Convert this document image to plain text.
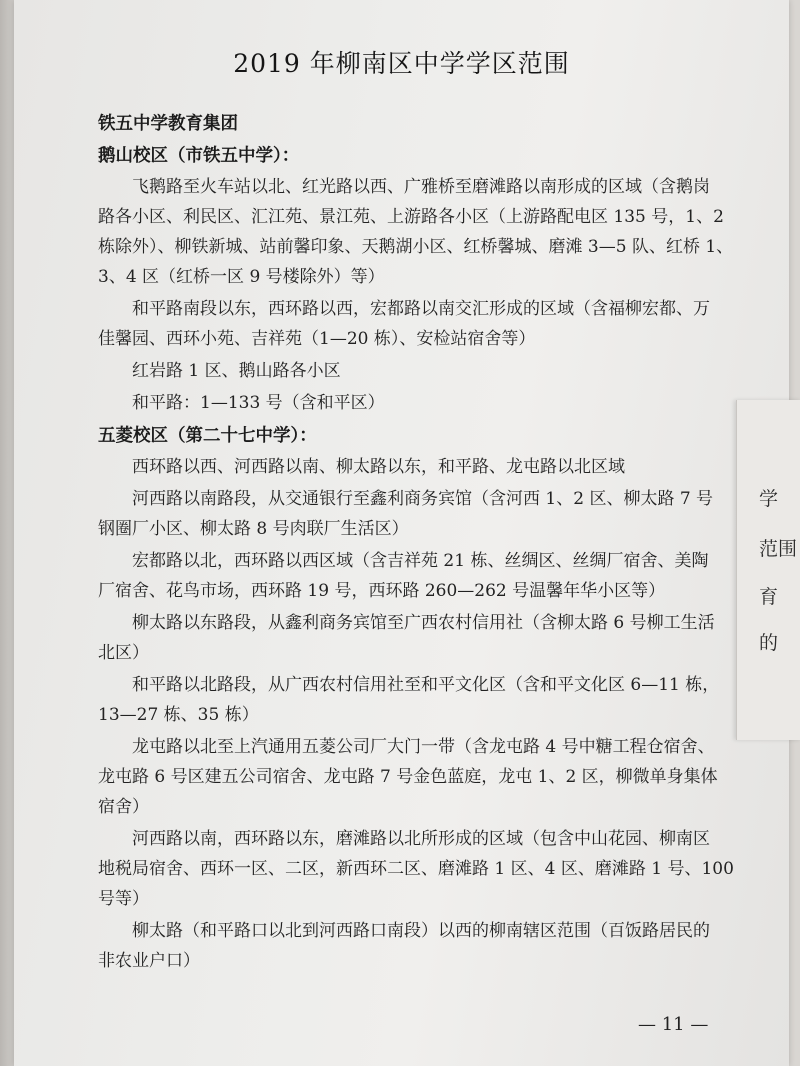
2019 年柳南区中学学区范围
铁五中学教育集团
鹅山校区（市铁五中学）：
飞鹅路至火车站以北、红光路以西、广雅桥至磨滩路以南形成的区域（含鹅岗
路各小区、利民区、汇江苑、景江苑、上游路各小区（上游路配电区 135 号，1、2
栋除外）、柳铁新城、站前馨印象、天鹅湖小区、红桥馨城、磨滩 3—5 队、红桥 1、
3、4 区（红桥一区 9 号楼除外）等）
和平路南段以东，西环路以西，宏都路以南交汇形成的区域（含福柳宏都、万
佳馨园、西环小苑、吉祥苑（1—20 栋）、安检站宿舍等）
红岩路 1 区、鹅山路各小区
和平路：1—133 号（含和平区）
五菱校区（第二十七中学）：
西环路以西、河西路以南、柳太路以东，和平路、龙屯路以北区域
河西路以南路段，从交通银行至鑫利商务宾馆（含河西 1、2 区、柳太路 7 号
钢圈厂小区、柳太路 8 号肉联厂生活区）
宏都路以北，西环路以西区域（含吉祥苑 21 栋、丝绸区、丝绸厂宿舍、美陶
厂宿舍、花鸟市场，西环路 19 号，西环路 260—262 号温馨年华小区等）
柳太路以东路段，从鑫利商务宾馆至广西农村信用社（含柳太路 6 号柳工生活
北区）
和平路以北路段，从广西农村信用社至和平文化区（含和平文化区 6—11 栋，
13—27 栋、35 栋）
龙屯路以北至上汽通用五菱公司厂大门一带（含龙屯路 4 号中糖工程仓宿舍、
龙屯路 6 号区建五公司宿舍、龙屯路 7 号金色蓝庭，龙屯 1、2 区，柳微单身集体
宿舍）
河西路以南，西环路以东，磨滩路以北所形成的区域（包含中山花园、柳南区
地税局宿舍、西环一区、二区，新西环二区、磨滩路 1 区、4 区、磨滩路 1 号、100
号等）
柳太路（和平路口以北到河西路口南段）以西的柳南辖区范围（百饭路居民的
非农业户口）
— 11 —
学
范围
育
的
